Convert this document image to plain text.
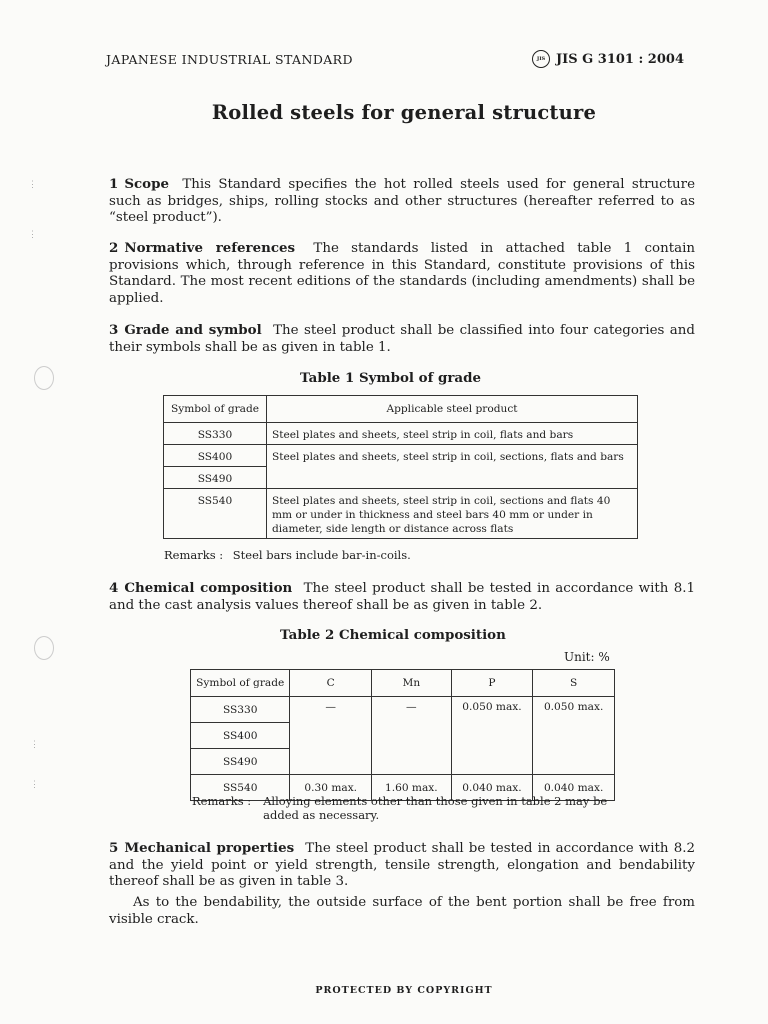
⋮
⋮
⋮
⋮
JAPANESE INDUSTRIAL STANDARD	JIS JIS G 3101 : 2004
Rolled steels for general structure
1 Scope This Standard specifies the hot rolled steels used for general structure such as bridges, ships, rolling stocks and other structures (hereafter referred to as “steel product”).
2 Normative references The standards listed in attached table 1 contain provisions which, through reference in this Standard, constitute provisions of this Standard. The most recent editions of the standards (including amendments) shall be applied.
3 Grade and symbol The steel product shall be classified into four categories and their symbols shall be as given in table 1.
Table 1 Symbol of grade
Symbol of grade	Applicable steel product
SS330	Steel plates and sheets, steel strip in coil, flats and bars
SS400	Steel plates and sheets, steel strip in coil, sections, flats and bars
SS490	
SS540	Steel plates and sheets, steel strip in coil, sections and flats 40 mm or under in thickness and steel bars 40 mm or under in diameter, side length or distance across flats
Remarks : Steel bars include bar-in-coils.
4 Chemical composition The steel product shall be tested in accordance with 8.1 and the cast analysis values thereof shall be as given in table 2.
Table 2 Chemical composition
Unit: %
Symbol of grade	C	Mn	P	S
SS330	—	—	0.050 max.	0.050 max.
SS400				
SS490				
SS540	0.30 max.	1.60 max.	0.040 max.	0.040 max.
Remarks : Alloying elements other than those given in table 2 may be added as necessary.
5 Mechanical properties The steel product shall be tested in accordance with 8.2 and the yield point or yield strength, tensile strength, elongation and bendability thereof shall be as given in table 3.
As to the bendability, the outside surface of the bent portion shall be free from visible crack.
PROTECTED BY COPYRIGHT
